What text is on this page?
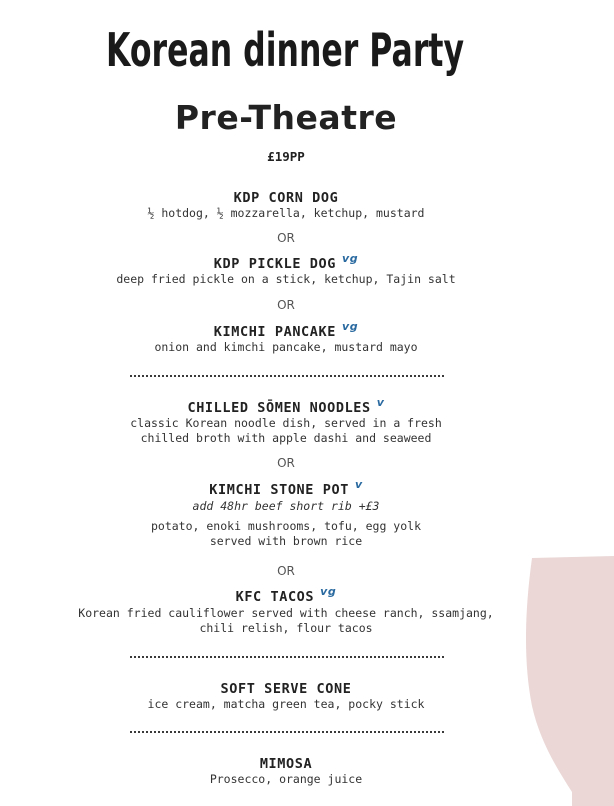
Korean dinner Party
Pre-Theatre
£19PP
KDP CORN DOG
½ hotdog, ½ mozzarella, ketchup, mustard
OR
KDP PICKLE DOG $^{vg}$
deep fried pickle on a stick, ketchup, Tajin salt
OR
KIMCHI PANCAKE $^{vg}$
onion and kimchi pancake, mustard mayo
CHILLED SŌMEN NOODLES $^v$
classic Korean noodle dish, served in a fresh
chilled broth with apple dashi and seaweed
OR
KIMCHI STONE POT $^v$
add 48hr beef short rib +£3
potato, enoki mushrooms, tofu, egg yolk
served with brown rice
OR
KFC TACOS $^{vg}$
Korean fried cauliflower served with cheese ranch, ssamjang,
chili relish, flour tacos
SOFT SERVE CONE
ice cream, matcha green tea, pocky stick
MIMOSA
Prosecco, orange juice
